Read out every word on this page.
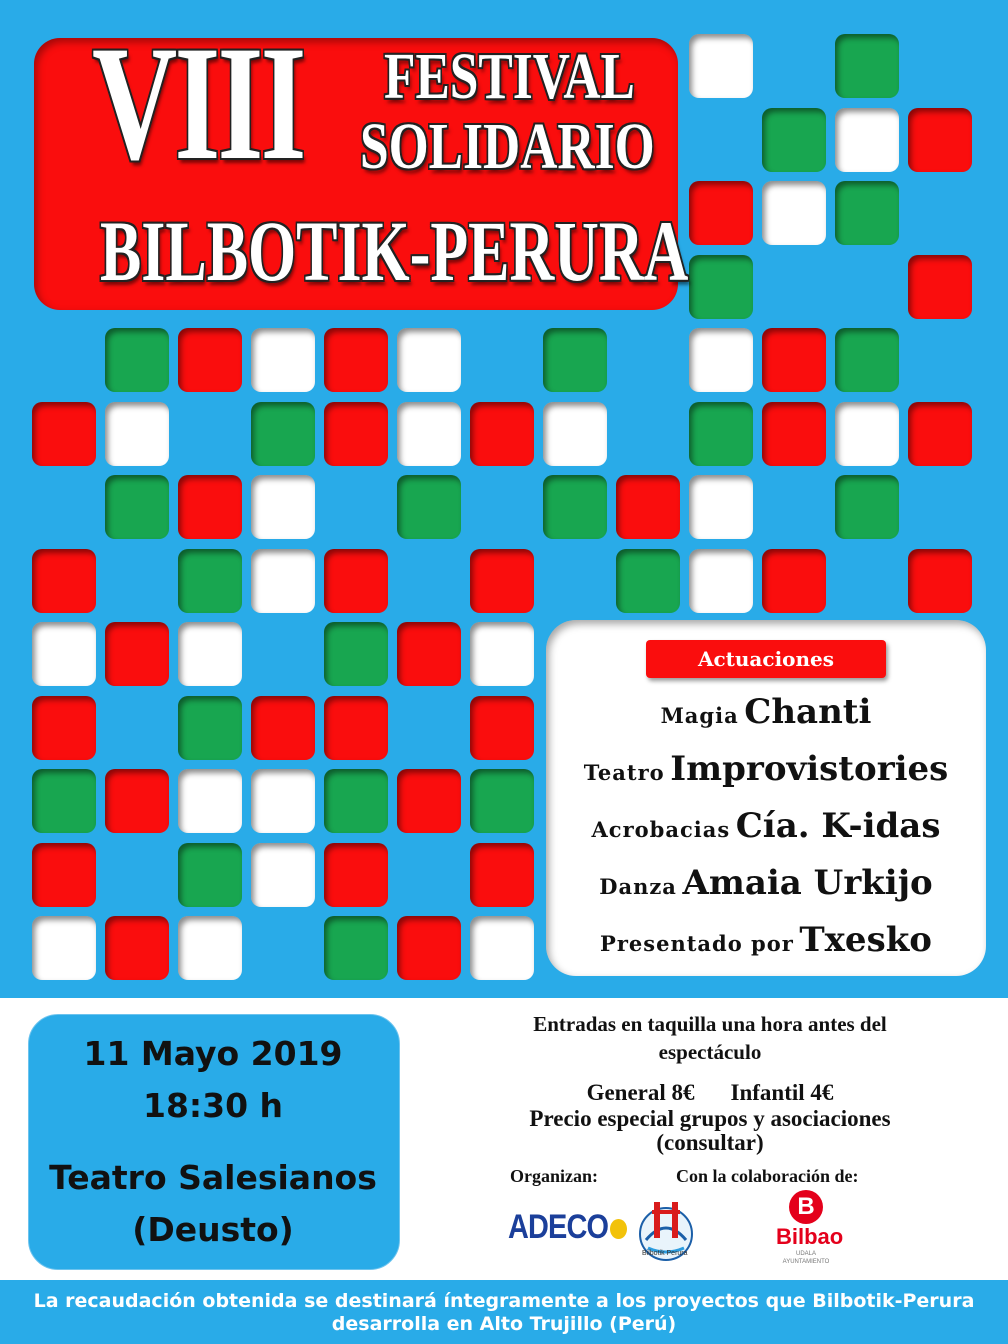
VIII FESTIVAL
SOLIDARIO
BILBOTIK-PERURA
Actuaciones
Magia Chanti
Teatro Improvistories
Acrobacias Cía. K-idas
Danza Amaia Urkijo
Presentado por Txesko
11 Mayo 2019
18:30 h
Teatro Salesianos
(Deusto)
Entradas en taquilla una hora antes del
espectáculo
General 8€ Infantil 4€
Precio especial grupos y asociaciones
(consultar)
Organizan:	Con la colaboración de:
ADECO
Bilbotik Perura
B
Bilbao
UDALA
AYUNTAMIENTO
La recaudación obtenida se destinará íntegramente a los proyectos que Bilbotik-Perura
desarrolla en Alto Trujillo (Perú)
